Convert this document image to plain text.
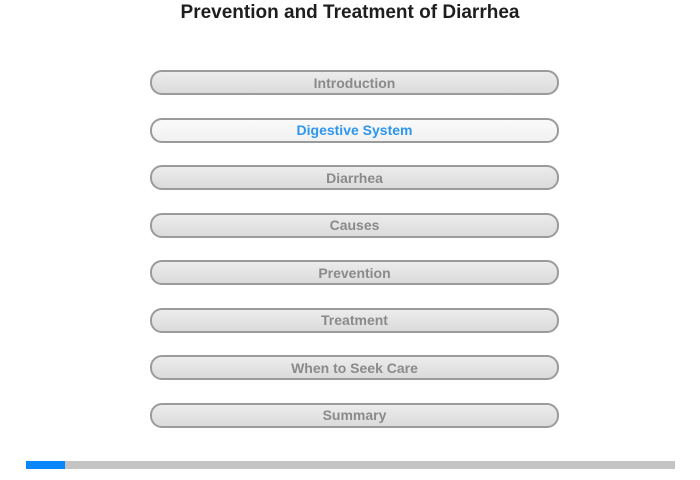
Prevention and Treatment of Diarrhea
Introduction
Digestive System
Diarrhea
Causes
Prevention
Treatment
When to Seek Care
Summary
